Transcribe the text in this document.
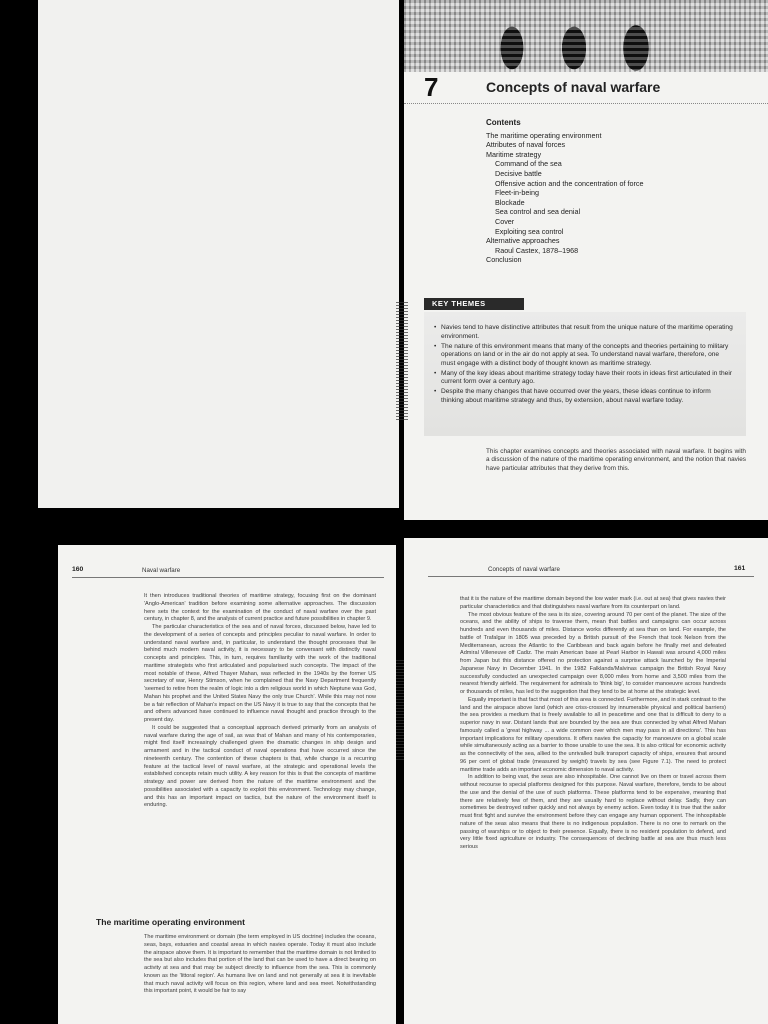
7	Concepts of naval warfare
Contents
The maritime operating environment
Attributes of naval forces
Maritime strategy
Command of the sea
Decisive battle
Offensive action and the concentration of force
Fleet-in-being
Blockade
Sea control and sea denial
Cover
Exploiting sea control
Alternative approaches
Raoul Castex, 1878–1968
Conclusion
KEY THEMES
• Navies tend to have distinctive attributes that result from the unique nature of the maritime operating environment.
• The nature of this environment means that many of the concepts and theories pertaining to military operations on land or in the air do not apply at sea. To understand naval warfare, therefore, one must engage with a distinct body of thought known as maritime strategy.
• Many of the key ideas about maritime strategy today have their roots in ideas first articulated in their current form over a century ago.
• Despite the many changes that have occurred over the years, these ideas continue to inform thinking about maritime strategy and thus, by extension, about naval warfare today.

This chapter examines concepts and theories associated with naval warfare. It begins with a discussion of the nature of the maritime operating environment, and the notion that navies have particular attributes that they derive from this.

160	Naval warfare

It then introduces traditional theories of maritime strategy, focusing first on the dominant 'Anglo-American' tradition before examining some alternative approaches. The discussion here sets the context for the examination of the conduct of naval warfare over the past century, in chapter 8, and the analysis of current practice and future possibilities in chapter 9.

The particular characteristics of the sea and of naval forces, discussed below, have led to the development of a series of concepts and principles peculiar to naval warfare. In order to understand naval warfare and, in particular, to understand the thought processes that lie behind much modern naval activity, it is necessary to be conversant with distinctly naval concepts and principles. This, in turn, requires familiarity with the work of the traditional maritime strategists who first articulated and popularised such concepts. The impact of the most notable of these, Alfred Thayer Mahan, was reflected in the 1940s by the former US secretary of war, Henry Stimson, when he complained that the Navy Department frequently 'seemed to retire from the realm of logic into a dim religious world in which Neptune was God, Mahan his prophet and the United States Navy the only true Church'. While this may not now be a fair reflection of Mahan's impact on the US Navy it is true to say that the concepts that he and others advanced have continued to influence naval thought and practice through to the present day.

It could be suggested that a conceptual approach derived primarily from an analysis of naval warfare during the age of sail, as was that of Mahan and many of his contemporaries, might find itself increasingly challenged given the dramatic changes in ship design and armament and in the tactical conduct of naval operations that have occurred since the nineteenth century. The contention of these chapters is that, while change is a recurring feature at the tactical level of naval warfare, at the strategic and operational levels the established concepts retain much utility. A key reason for this is that the concepts of maritime strategy and power are derived from the nature of the maritime environment and the possibilities associated with a capacity to exploit this environment. Technology may change, and this has an important impact on tactics, but the nature of the environment itself is enduring.

The maritime operating environment

The maritime environment or domain (the term employed in US doctrine) includes the oceans, seas, bays, estuaries and coastal areas in which navies operate. Today it must also include the airspace above them. It is important to remember that the maritime domain is not limited to the sea but also includes that portion of the land that can be used to have a direct bearing on activity at sea and that may be subject directly to influence from the sea. This is commonly known as the 'littoral region'. As humans live on land and not generally at sea it is inevitable that much naval activity will focus on this region, where land and sea meet. Notwithstanding this important point, it would be fair to say

Concepts of naval warfare	161

that it is the nature of the maritime domain beyond the low water mark (i.e. out at sea) that gives navies their particular characteristics and that distinguishes naval warfare from its counterpart on land.

The most obvious feature of the sea is its size, covering around 70 per cent of the planet. The size of the oceans, and the ability of ships to traverse them, mean that battles and campaigns can occur across hundreds and even thousands of miles. Distance works differently at sea than on land. For example, the battle of Trafalgar in 1805 was preceded by a British pursuit of the French that took Nelson from the Mediterranean, across the Atlantic to the Caribbean and back again before he finally met and defeated Admiral Villeneuve off Cadiz. The main American base at Pearl Harbor in Hawaii was around 4,000 miles from Japan but this distance offered no protection against a surprise attack launched by the Imperial Japanese Navy in December 1941. In the 1982 Falklands/Malvinas campaign the British Royal Navy successfully conducted an unexpected campaign over 8,000 miles from home and 3,500 miles from the nearest friendly airfield. The requirement for admirals to 'think big', to consider manoeuvre across hundreds or thousands of miles, has led to the suggestion that they tend to be at home at the strategic level.

Equally important is that fact that most of this area is connected. Furthermore, and in stark contrast to the land and the airspace above land (which are criss-crossed by innumerable physical and political barriers) the sea provides a medium that is freely available to all in peacetime and one that is difficult to deny to a superior navy in war. Distant lands that are bounded by the sea are thus connected by what Alfred Mahan famously called a 'great highway ... a wide common over which men may pass in all directions'. This has important implications for military operations. It offers navies the capacity for manoeuvre on a global scale while simultaneously acting as a barrier to those unable to use the sea. It is also critical for economic activity as the connectivity of the sea, allied to the unrivalled bulk transport capacity of ships, ensures that around 96 per cent of global trade (measured by weight) travels by sea (see Figure 7.1). The need to protect maritime trade adds an important economic dimension to naval activity.

In addition to being vast, the seas are also inhospitable. One cannot live on them or travel across them without recourse to special platforms designed for this purpose. Naval warfare, therefore, tends to be about the use and the denial of the use of such platforms. These platforms tend to be expensive, meaning that there are relatively few of them, and they are usually hard to replace without delay. Sadly, they can sometimes be destroyed rather quickly and not always by enemy action. Even today it is true that the sailor must first fight and survive the environment before they can engage any human opponent. The inhospitable nature of the seas also means that there is no indigenous population. There is no one to remark on the passing of warships or to object to their presence. Equally, there is no resident population to defend, and very little fixed agriculture or industry. The consequences of declining battle at sea are thus much less serious
